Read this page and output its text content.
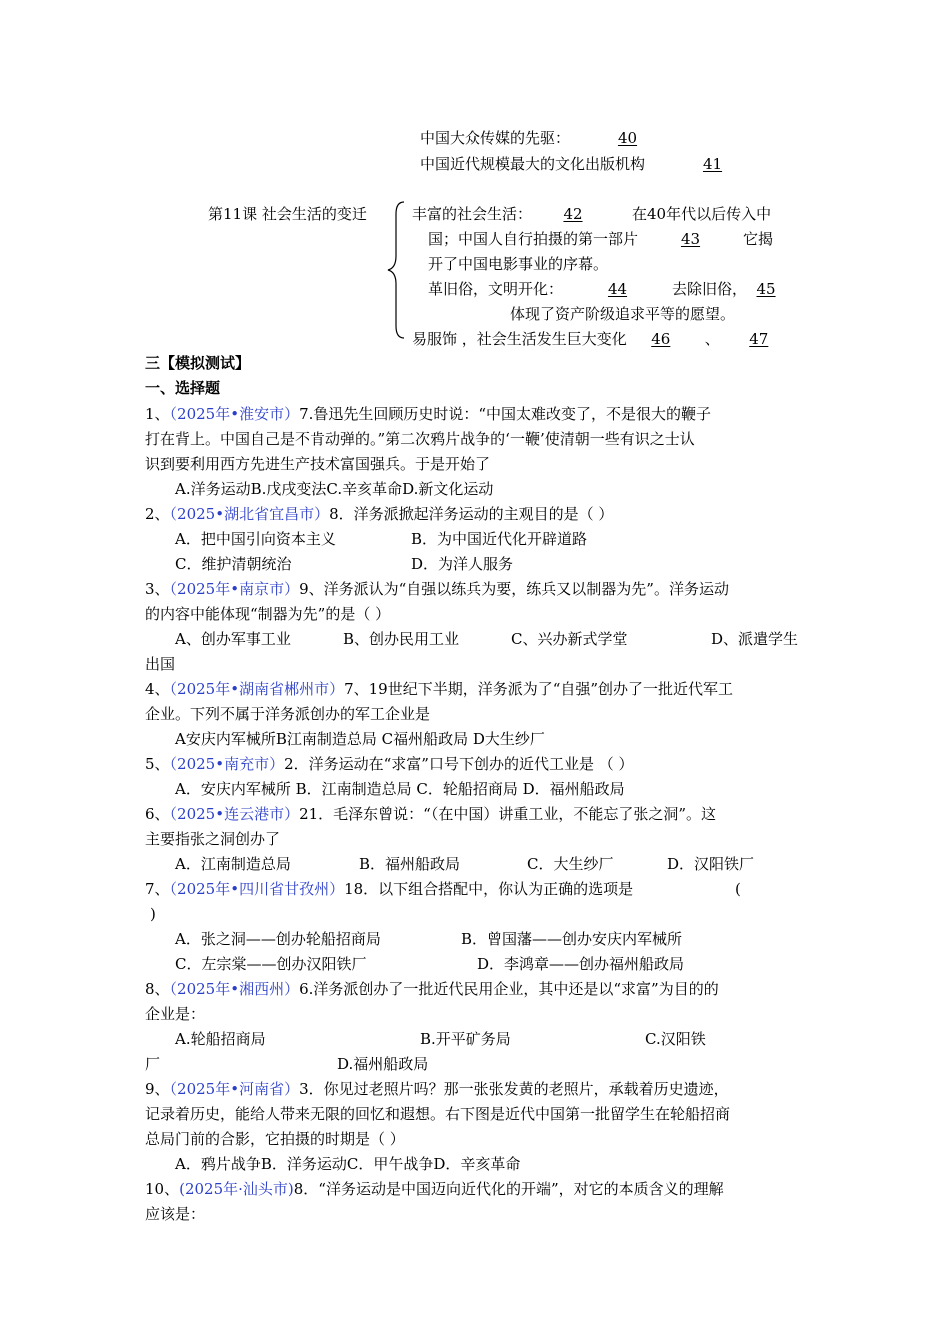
中国大众传媒的先驱：	40
中国近代规模最大的文化出版机构	41
第11课 社会生活的变迁	丰富的社会生活： 42	在40年代以后传入中
国；中国人自行拍摄的第一部片	43	它揭
开了中国电影事业的序幕。
革旧俗，文明开化：	44	去除旧俗， 45
体现了资产阶级追求平等的愿望。
易服饰 ，社会生活发生巨大变化 46 、 47
三【模拟测试】
一、选择题
1、（2025年•淮安市）7.鲁迅先生回顾历史时说：“中国太难改变了，不是很大的鞭子
打在背上。中国自己是不肯动弹的。”第二次鸦片战争的‘一鞭’使清朝一些有识之士认
识到要利用西方先进生产技术富国强兵。于是开始了
A.洋务运动B.戊戌变法C.辛亥革命D.新文化运动
2、（2025•湖北省宜昌市）8．洋务派掀起洋务运动的主观目的是（ ）
A．把中国引向资本主义	B．为中国近代化开辟道路
C．维护清朝统治	D．为洋人服务
3、（2025年•南京市）9、洋务派认为“自强以练兵为要，练兵又以制器为先”。洋务运动
的内容中能体现“制器为先”的是（ ）
A、创办军事工业	B、创办民用工业	C、兴办新式学堂	D、派遣学生
出国
4、（2025年•湖南省郴州市）7、19世纪下半期，洋务派为了“自强”创办了一批近代军工
企业。下列不属于洋务派创办的军工企业是
A安庆内军械所B江南制造总局 C福州船政局 D大生纱厂
5、（2025•南充市）2．洋务运动在“求富”口号下创办的近代工业是 （ ）
A．安庆内军械所 B．江南制造总局 C．轮船招商局 D．福州船政局
6、（2025•连云港市）21．毛泽东曾说：“（在中国）讲重工业，不能忘了张之洞”。这
主要指张之洞创办了
A．江南制造总局	B．福州船政局	C．大生纱厂	D．汉阳铁厂
7、（2025年•四川省甘孜州）18．以下组合搭配中，你认为正确的选项是	(
)
A．张之洞——创办轮船招商局	B．曾国藩——创办安庆内军械所
C．左宗棠——创办汉阳铁厂	D．李鸿章——创办福州船政局
8、（2025年•湘西州）6.洋务派创办了一批近代民用企业，其中还是以“求富”为目的的
企业是：
A.轮船招商局	B.开平矿务局	C.汉阳铁
厂	D.福州船政局
9、（2025年•河南省）3．你见过老照片吗？那一张张发黄的老照片，承载着历史遗迹，
记录着历史，能给人带来无限的回忆和遐想。右下图是近代中国第一批留学生在轮船招商
总局门前的合影，它拍摄的时期是（ ）
A．鸦片战争B．洋务运动C．甲午战争D．辛亥革命
10、(2025年·汕头市)8．“洋务运动是中国迈向近代化的开端”，对它的本质含义的理解
应该是：
